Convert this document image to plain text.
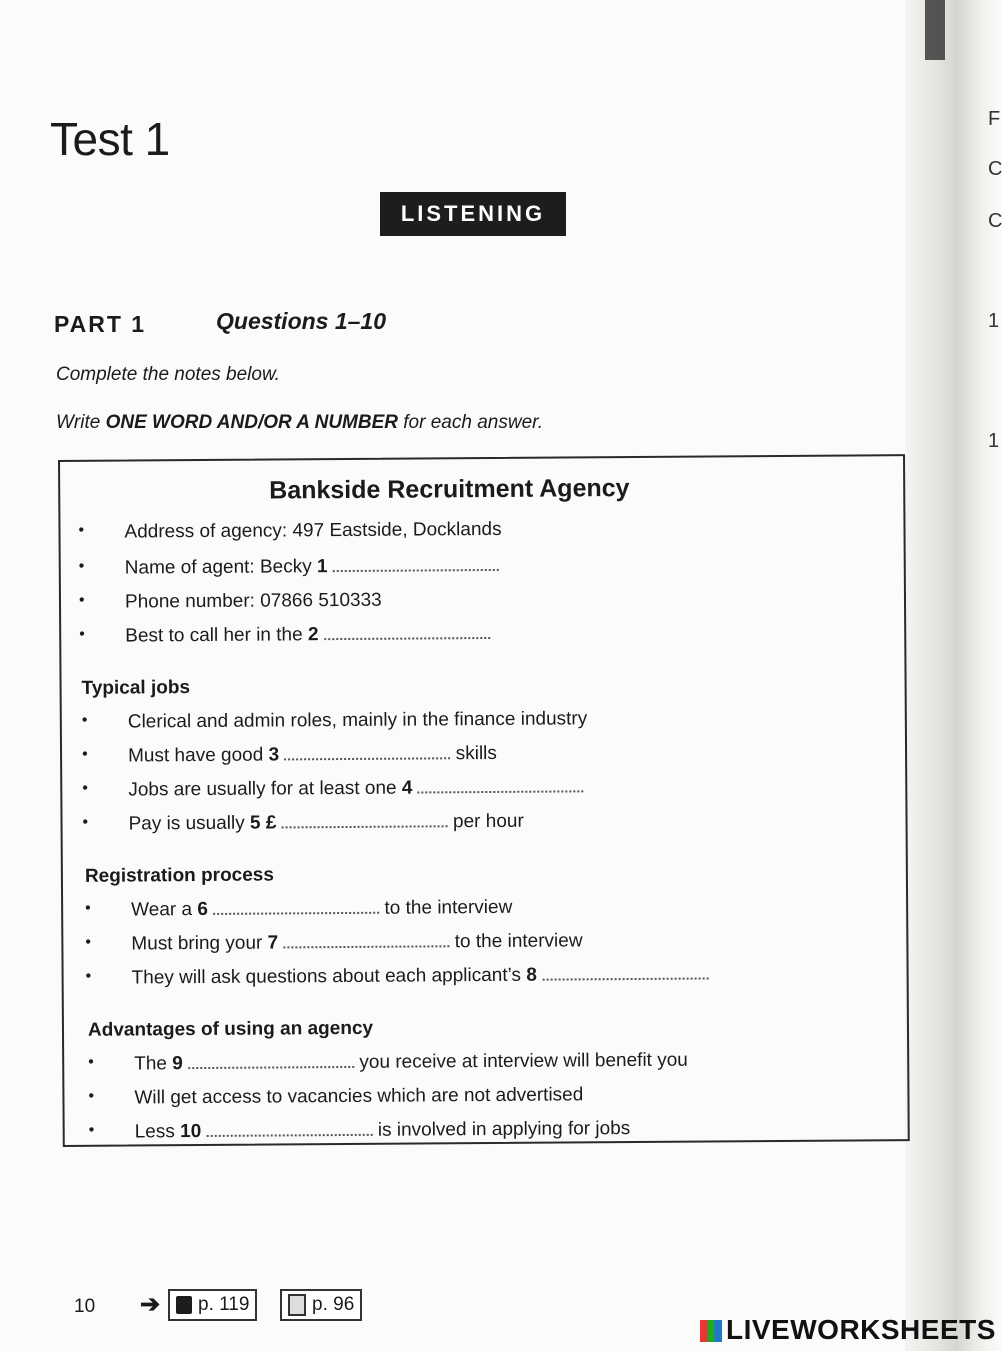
F
C
C
1
1
Test 1
LISTENING
PART 1	Questions 1–10
Complete the notes below.
Write ONE WORD AND/OR A NUMBER for each answer.
Bankside Recruitment Agency
• Address of agency: 497 Eastside, Docklands
• Name of agent: Becky 1
• Phone number: 07866 510333
• Best to call her in the 2
Typical jobs
• Clerical and admin roles, mainly in the finance industry
• Must have good 3	skills
• Jobs are usually for at least one 4
• Pay is usually 5 £	per hour
Registration process
• Wear a 6	to the interview
• Must bring your 7	to the interview
• They will ask questions about each applicant’s 8
Advantages of using an agency
• The 9	you receive at interview will benefit you
• Will get access to vacancies which are not advertised
• Less 10	is involved in applying for jobs
10 ➔ p. 119	p. 96
LIVEWORKSHEETS
